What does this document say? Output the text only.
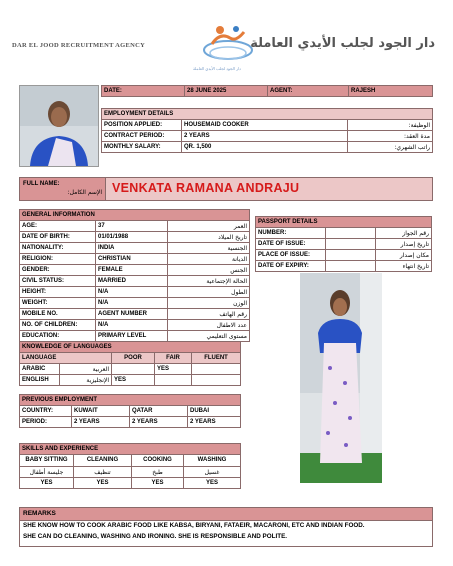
DAR EL JOOD RECRUITMENT AGENCY
دار الجود لجلب الأيدي العاملة
دار الجود لجلب الأيدي العاملة
DATE:	28 JUNE 2025	AGENT:	RAJESH
EMPLOYMENT DETAILS		
POSITION APPLIED:	HOUSEMAID COOKER	الوظيفة:
CONTRACT PERIOD:	2 YEARS	مدة العقد:
MONTHLY SALARY:	QR. 1,500	راتب الشهري:
FULL NAME:
الإسم الكامل: VENKATA RAMANA ANDRAJU
GENERAL INFORMATION		
AGE:	37	العمر
DATE OF BIRTH:	01/01/1988	تاريخ الميلاد
NATIONALITY:	INDIA	الجنسية
RELIGION:	CHRISTIAN	الديانة
GENDER:	FEMALE	الجنس
CIVIL STATUS:	MARRIED	الحالة الإجتماعية
HEIGHT:	N/A	الطول
WEIGHT:	N/A	الوزن
MOBILE NO.	AGENT NUMBER	رقم الهاتف
NO. OF CHILDREN:	N/A	عدد الاطفال
EDUCATION:	PRIMARY LEVEL	مستوى التعليمي
PASSPORT DETAILS		
NUMBER:		رقم الجواز
DATE OF ISSUE:		تاريخ إصدار
PLACE OF ISSUE:		مكان إصدار
DATE OF EXPIRY:		تاريخ انتهاء
KNOWLEDGE OF LANGUAGES				
LANGUAGE		POOR	FAIR	FLUENT
ARABIC	العربية		YES	
ENGLISH	الإنجليزية	YES		
PREVIOUS EMPLOYMENT			
COUNTRY:	KUWAIT	QATAR	DUBAI
PERIOD:	2 YEARS	2 YEARS	2 YEARS
SKILLS AND EXPERIENCE			
BABY SITTING	CLEANING	COOKING	WASHING
جليسة أطفال	تنظيف	طبخ	غسيل
YES	YES	YES	YES
REMARKS
SHE KNOW HOW TO COOK ARABIC FOOD LIKE KABSA, BIRYANI, FATAEIR, MACARONI, ETC AND INDIAN FOOD.
SHE CAN DO CLEANING, WASHING AND IRONING. SHE IS RESPONSIBLE AND POLITE.
